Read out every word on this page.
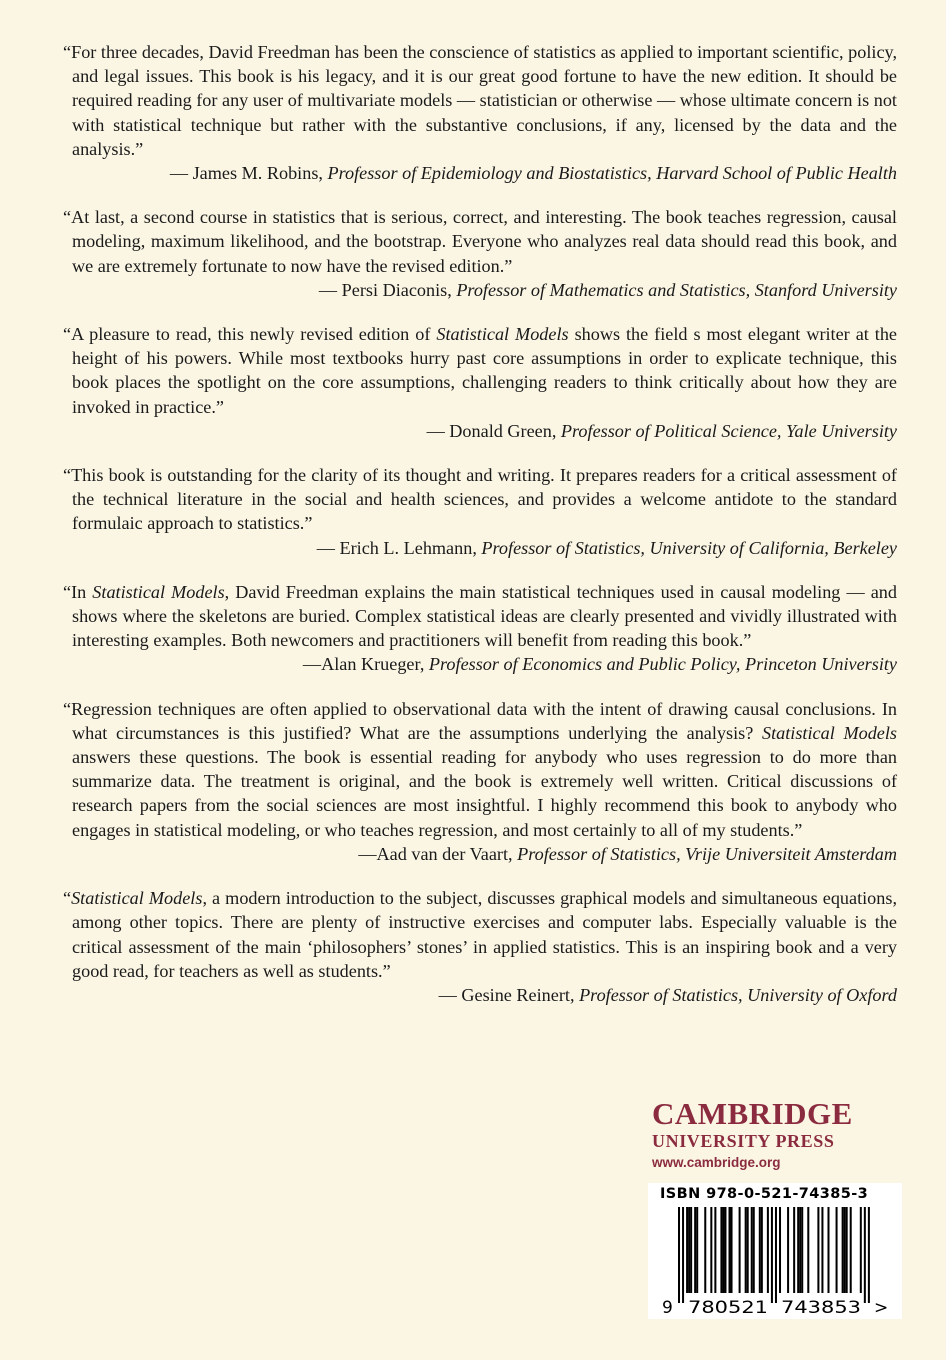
“For three decades, David Freedman has been the conscience of statistics as applied to important scientific, policy, and legal issues. This book is his legacy, and it is our great good fortune to have the new edition. It should be required reading for any user of multivariate models — statistician or otherwise — whose ultimate concern is not with statistical technique but rather with the substantive conclusions, if any, licensed by the data and the analysis.”

— James M. Robins, Professor of Epidemiology and Biostatistics, Harvard School of Public Health

“At last, a second course in statistics that is serious, correct, and interesting. The book teaches regression, causal modeling, maximum likelihood, and the bootstrap. Everyone who analyzes real data should read this book, and we are extremely fortunate to now have the revised edition.”

— Persi Diaconis, Professor of Mathematics and Statistics, Stanford University

“A pleasure to read, this newly revised edition of Statistical Models shows the field s most elegant writer at the height of his powers. While most textbooks hurry past core assumptions in order to explicate technique, this book places the spotlight on the core assumptions, challenging readers to think critically about how they are invoked in practice.”

— Donald Green, Professor of Political Science, Yale University

“This book is outstanding for the clarity of its thought and writing. It prepares readers for a critical assessment of the technical literature in the social and health sciences, and provides a welcome antidote to the standard formulaic approach to statistics.”

— Erich L. Lehmann, Professor of Statistics, University of California, Berkeley

“In Statistical Models, David Freedman explains the main statistical techniques used in causal modeling — and shows where the skeletons are buried. Complex statistical ideas are clearly presented and vividly illustrated with interesting examples. Both newcomers and practitioners will benefit from reading this book.”

—Alan Krueger, Professor of Economics and Public Policy, Princeton University

“Regression techniques are often applied to observational data with the intent of drawing causal conclusions. In what circumstances is this justified? What are the assumptions underlying the analysis? Statistical Models answers these questions. The book is essential reading for anybody who uses regression to do more than summarize data. The treatment is original, and the book is extremely well written. Critical discussions of research papers from the social sciences are most insightful. I highly recommend this book to anybody who engages in statistical modeling, or who teaches regression, and most certainly to all of my students.”

—Aad van der Vaart, Professor of Statistics, Vrije Universiteit Amsterdam

“Statistical Models, a modern introduction to the subject, discusses graphical models and simultaneous equations, among other topics. There are plenty of instructive exercises and computer labs. Especially valuable is the critical assessment of the main ‘philosophers’ stones’ in applied statistics. This is an inspiring book and a very good read, for teachers as well as students.”

— Gesine Reinert, Professor of Statistics, University of Oxford

CAMBRIDGE

UNIVERSITY PRESS

www.cambridge.org

ISBN 978-0-521-74385-3
9 780521 743853 >
